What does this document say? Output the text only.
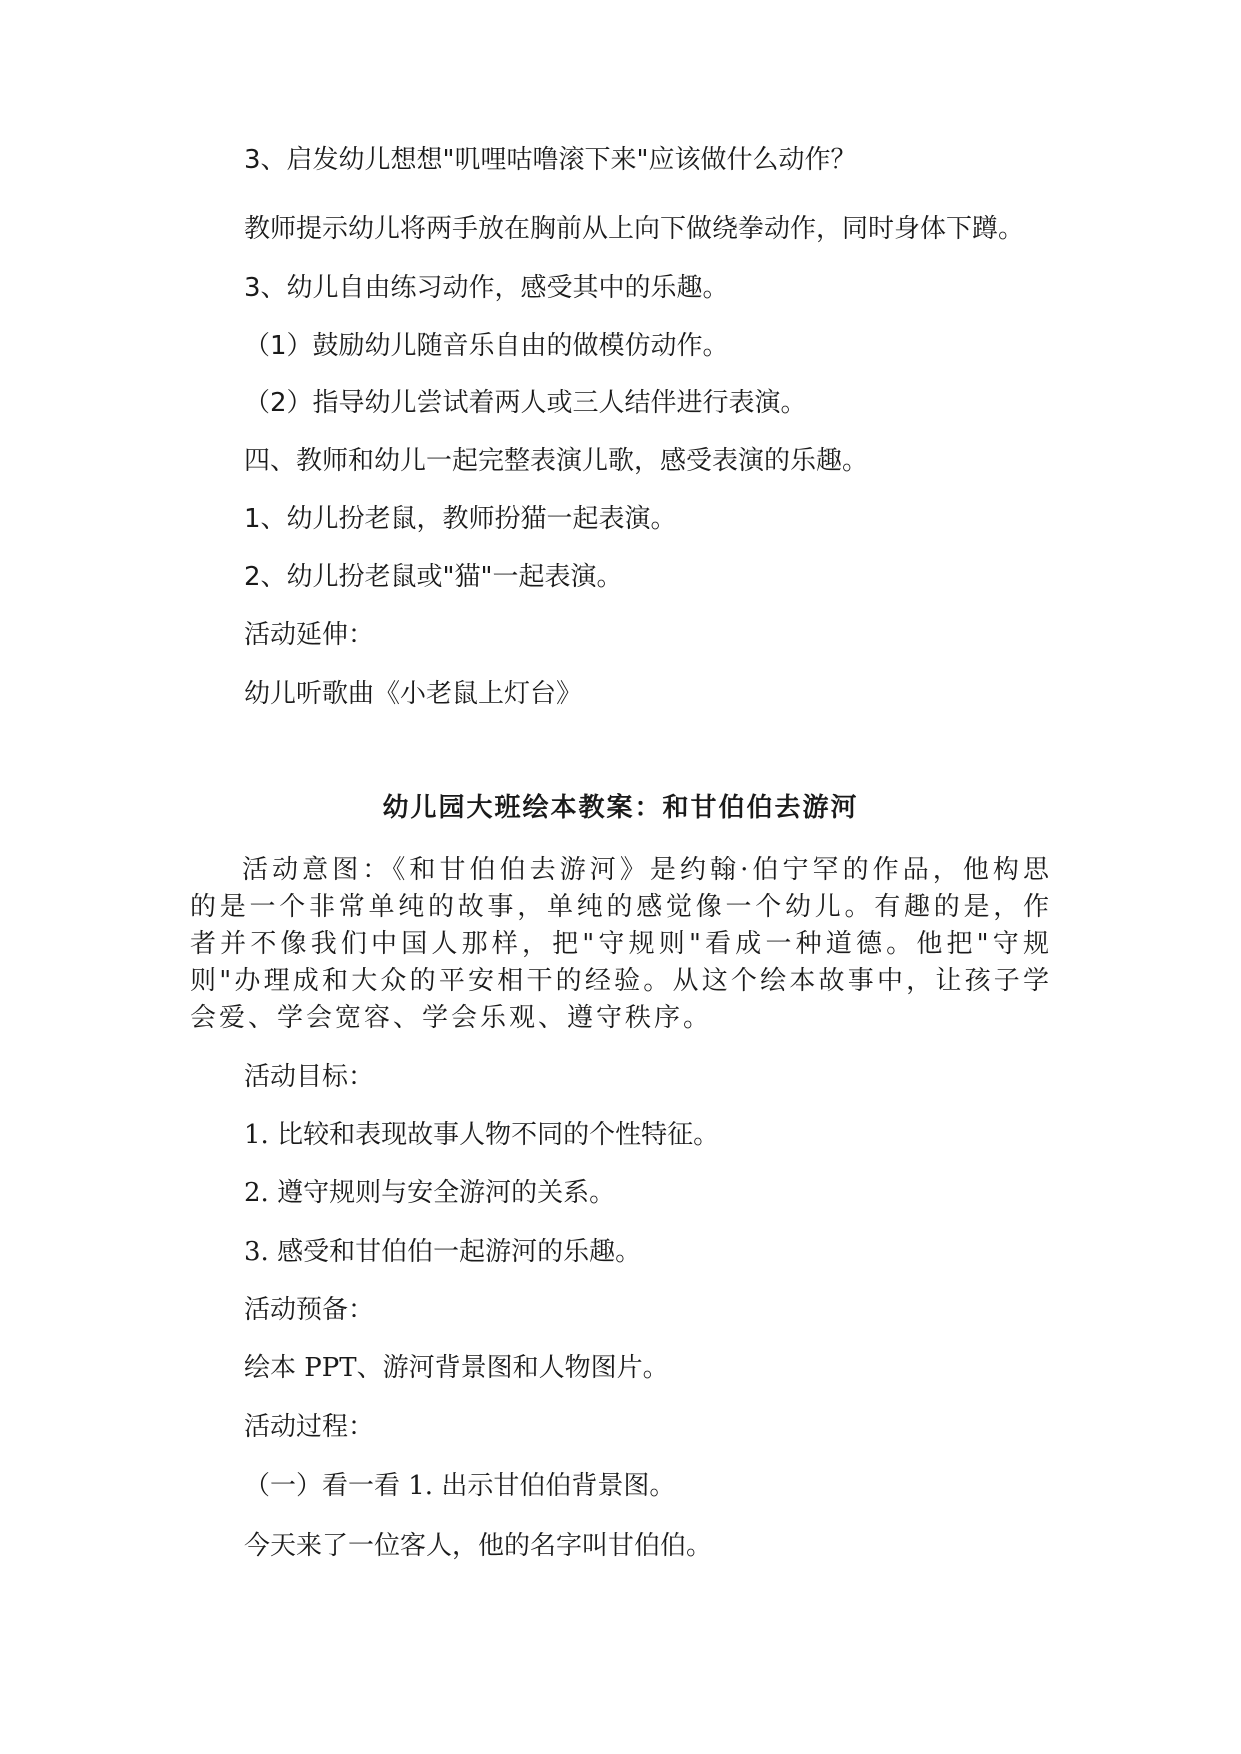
3、启发幼儿想想"叽哩咕噜滚下来"应该做什么动作？

教师提示幼儿将两手放在胸前从上向下做绕拳动作，同时身体下蹲。

3、幼儿自由练习动作，感受其中的乐趣。

（1）鼓励幼儿随音乐自由的做模仿动作。

（2）指导幼儿尝试着两人或三人结伴进行表演。

四、教师和幼儿一起完整表演儿歌，感受表演的乐趣。

1、幼儿扮老鼠，教师扮猫一起表演。

2、幼儿扮老鼠或"猫"一起表演。

活动延伸：

幼儿听歌曲《小老鼠上灯台》

幼儿园大班绘本教案：和甘伯伯去游河

活动意图：《和甘伯伯去游河》是约翰·伯宁罕的作品，他构思的是一个非常单纯的故事，单纯的感觉像一个幼儿。有趣的是，作者并不像我们中国人那样，把"守规则"看成一种道德。他把"守规则"办理成和大众的平安相干的经验。从这个绘本故事中，让孩子学会爱、学会宽容、学会乐观、遵守秩序。

活动目标：

1. 比较和表现故事人物不同的个性特征。

2. 遵守规则与安全游河的关系。

3. 感受和甘伯伯一起游河的乐趣。

活动预备：

绘本 PPT、游河背景图和人物图片。

活动过程：

（一）看一看 1. 出示甘伯伯背景图。

今天来了一位客人，他的名字叫甘伯伯。
